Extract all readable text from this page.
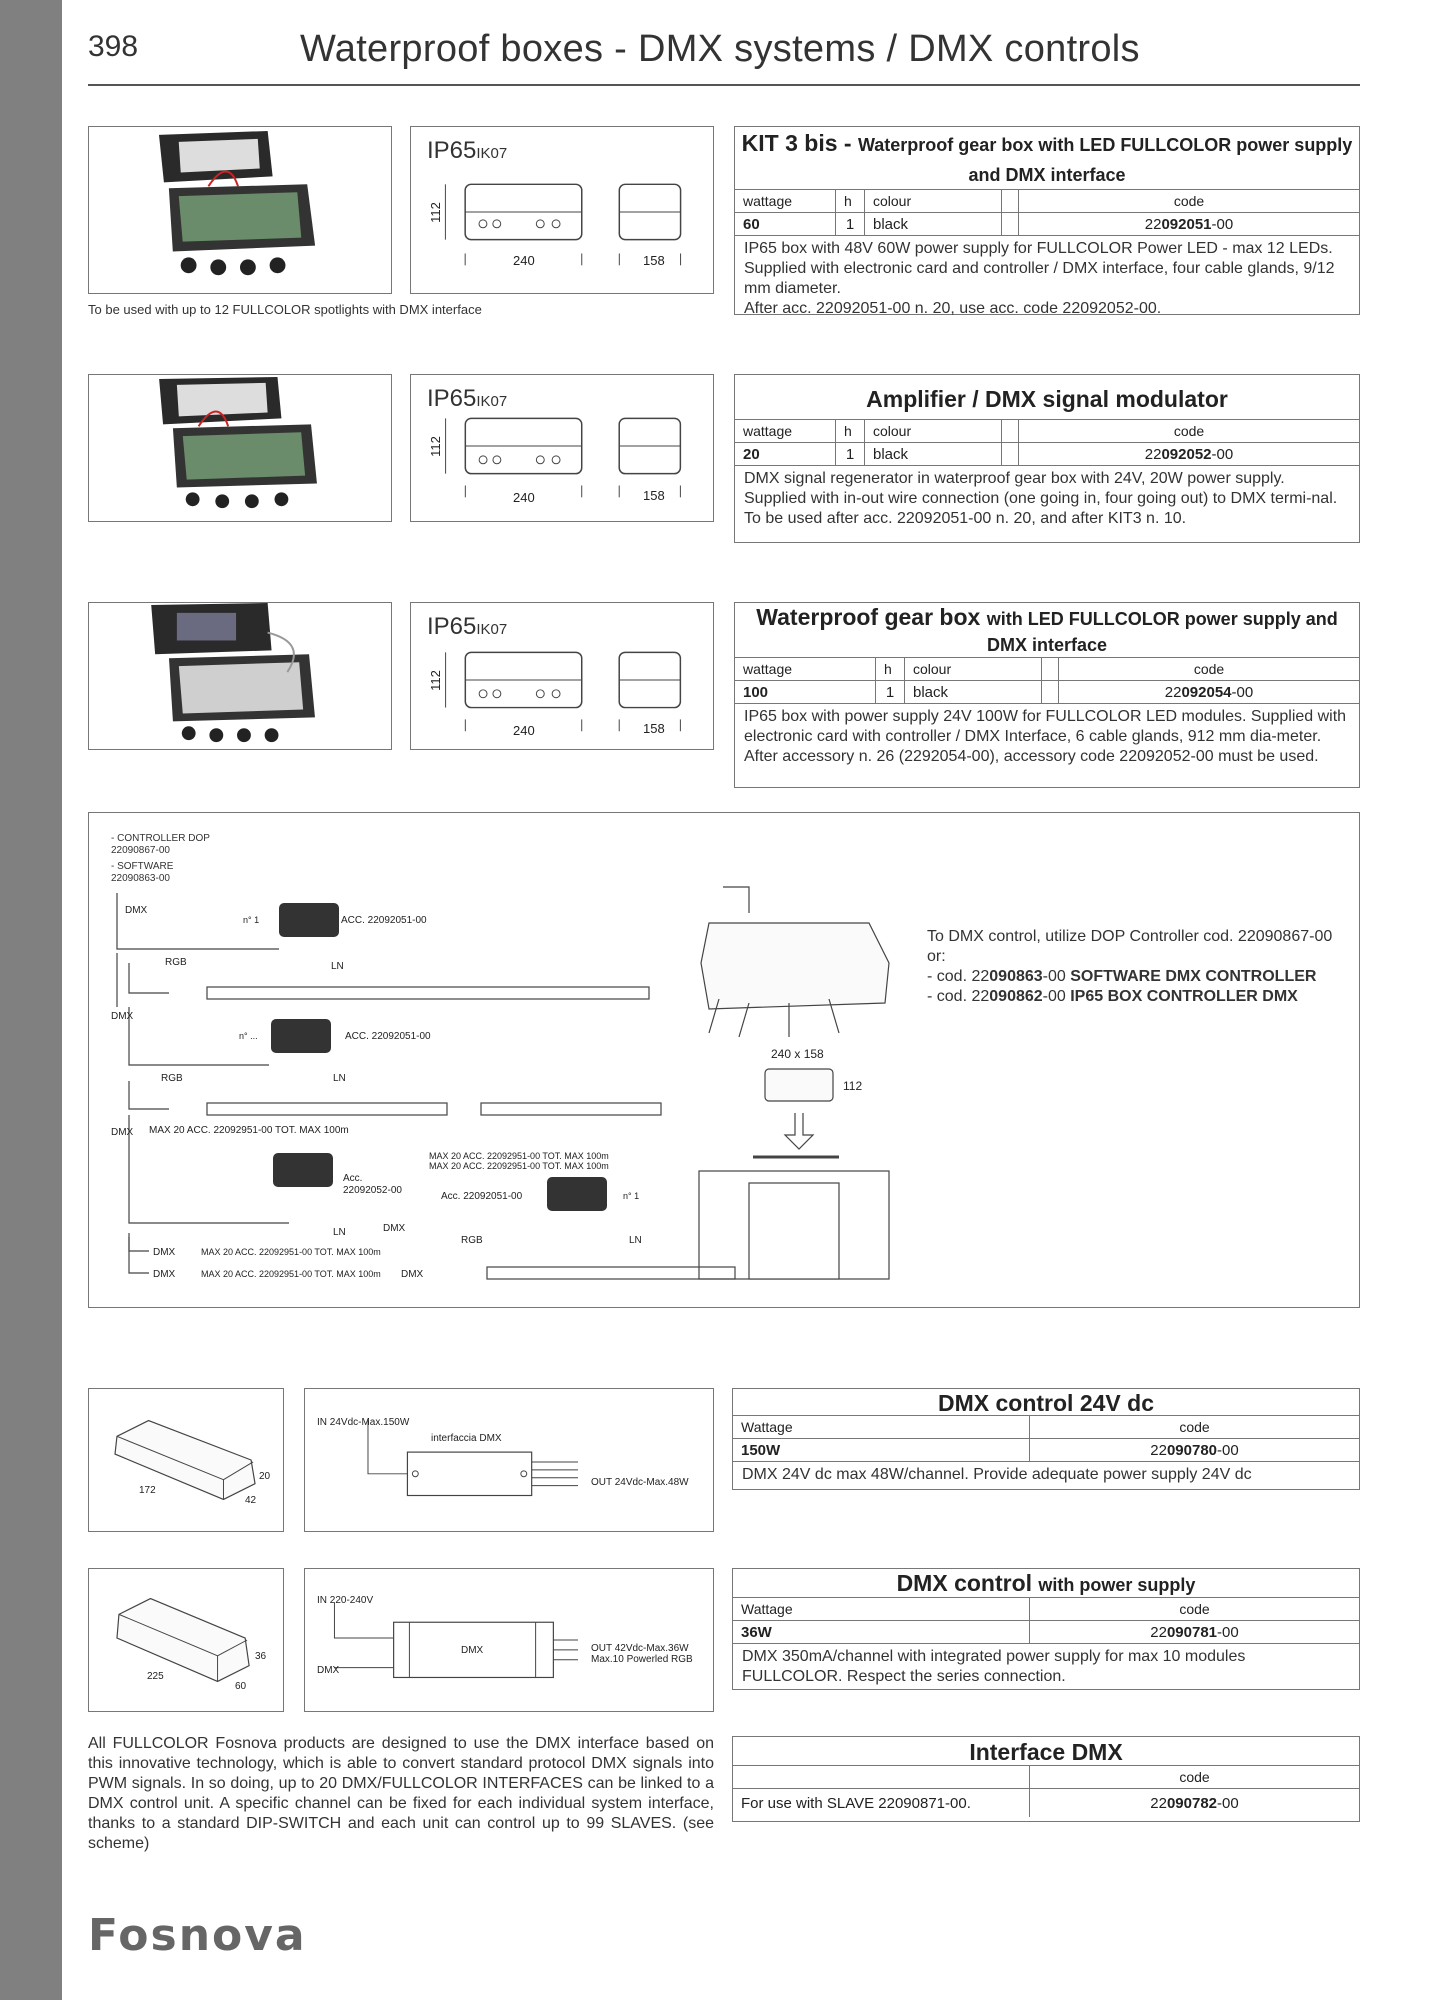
398	Waterproof boxes - DMX systems / DMX controls
To be used with up to 12 FULLCOLOR spotlights with DMX interface
IP65IK07
240	158
112
KIT 3 bis - Waterproof gear box with LED FULLCOLOR power supply and DMX interface
wattage	h	colour		code
60	1	black		22092051-00
IP65 box with 48V 60W power supply for FULLCOLOR Power LED - max 12 LEDs. Supplied with electronic card and controller / DMX interface, four cable glands, 9/12 mm diameter.
After acc. 22092051-00 n. 20, use acc. code 22092052-00.
IP65IK07
240	158
112
Amplifier / DMX signal modulator
wattage	h	colour		code
20	1	black		22092052-00
DMX signal regenerator in waterproof gear box with 24V, 20W power supply. Supplied with in-out wire connection (one going in, four going out) to DMX termi-nal. To be used after acc. 22092051-00 n. 20, and after KIT3 n. 10.
IP65IK07
240	158
112
Waterproof gear box with LED FULLCOLOR power supply and DMX interface
wattage	h	colour		code
100	1	black		22092054-00
IP65 box with power supply 24V 100W for FULLCOLOR LED modules. Supplied with electronic card with controller / DMX Interface, 6 cable glands, 912 mm dia-meter. After accessory n. 26 (2292054-00), accessory code 22092052-00 must be used.
- CONTROLLER DOP
22090867-00
- SOFTWARE
22090863-00
DMX
n° 1	ACC. 22092051-00
RGB	LN
DMX
n° ...	ACC. 22092051-00
RGB	LN
DMX MAX 20 ACC. 22092951-00 TOT. MAX 100m
MAX 20 ACC. 22092951-00 TOT. MAX 100m
MAX 20 ACC. 22092951-00 TOT. MAX 100m
Acc.
22092052-00
Acc. 22092051-00	n° 1
LN	DMX
RGB	LN
DMX	MAX 20 ACC. 22092951-00 TOT. MAX 100m
DMX	MAX 20 ACC. 22092951-00 TOT. MAX 100m DMX
240 x 158
112
To DMX control, utilize DOP Controller cod. 22090867-00 or:
- cod. 22090863-00 SOFTWARE DMX CONTROLLER
- cod. 22090862-00 IP65 BOX CONTROLLER DMX
172
42
20
IN 24Vdc-Max.150W
interfaccia DMX
OUT 24Vdc-Max.48W
DMX control 24V dc
Wattage	code
150W	22090780-00
DMX 24V dc max 48W/channel. Provide adequate power supply 24V dc
225
60
36
IN 220-240V
DMX
DMX
OUT 42Vdc-Max.36W
Max.10 Powerled RGB
DMX control with power supply
Wattage	code
36W	22090781-00
DMX 350mA/channel with integrated power supply for max 10 modules FULLCOLOR. Respect the series connection.
Interface DMX
	code
For use with SLAVE 22090871-00.	22090782-00
All FULLCOLOR Fosnova products are designed to use the DMX interface based on this innovative technology, which is able to convert standard protocol DMX signals into PWM signals. In so doing, up to 20 DMX/FULLCOLOR INTERFACES can be linked to a DMX control unit. A specific channel can be fixed for each individual system interface, thanks to a standard DIP-SWITCH and each unit can control up to 99 SLAVES. (see scheme)
Fosnova
